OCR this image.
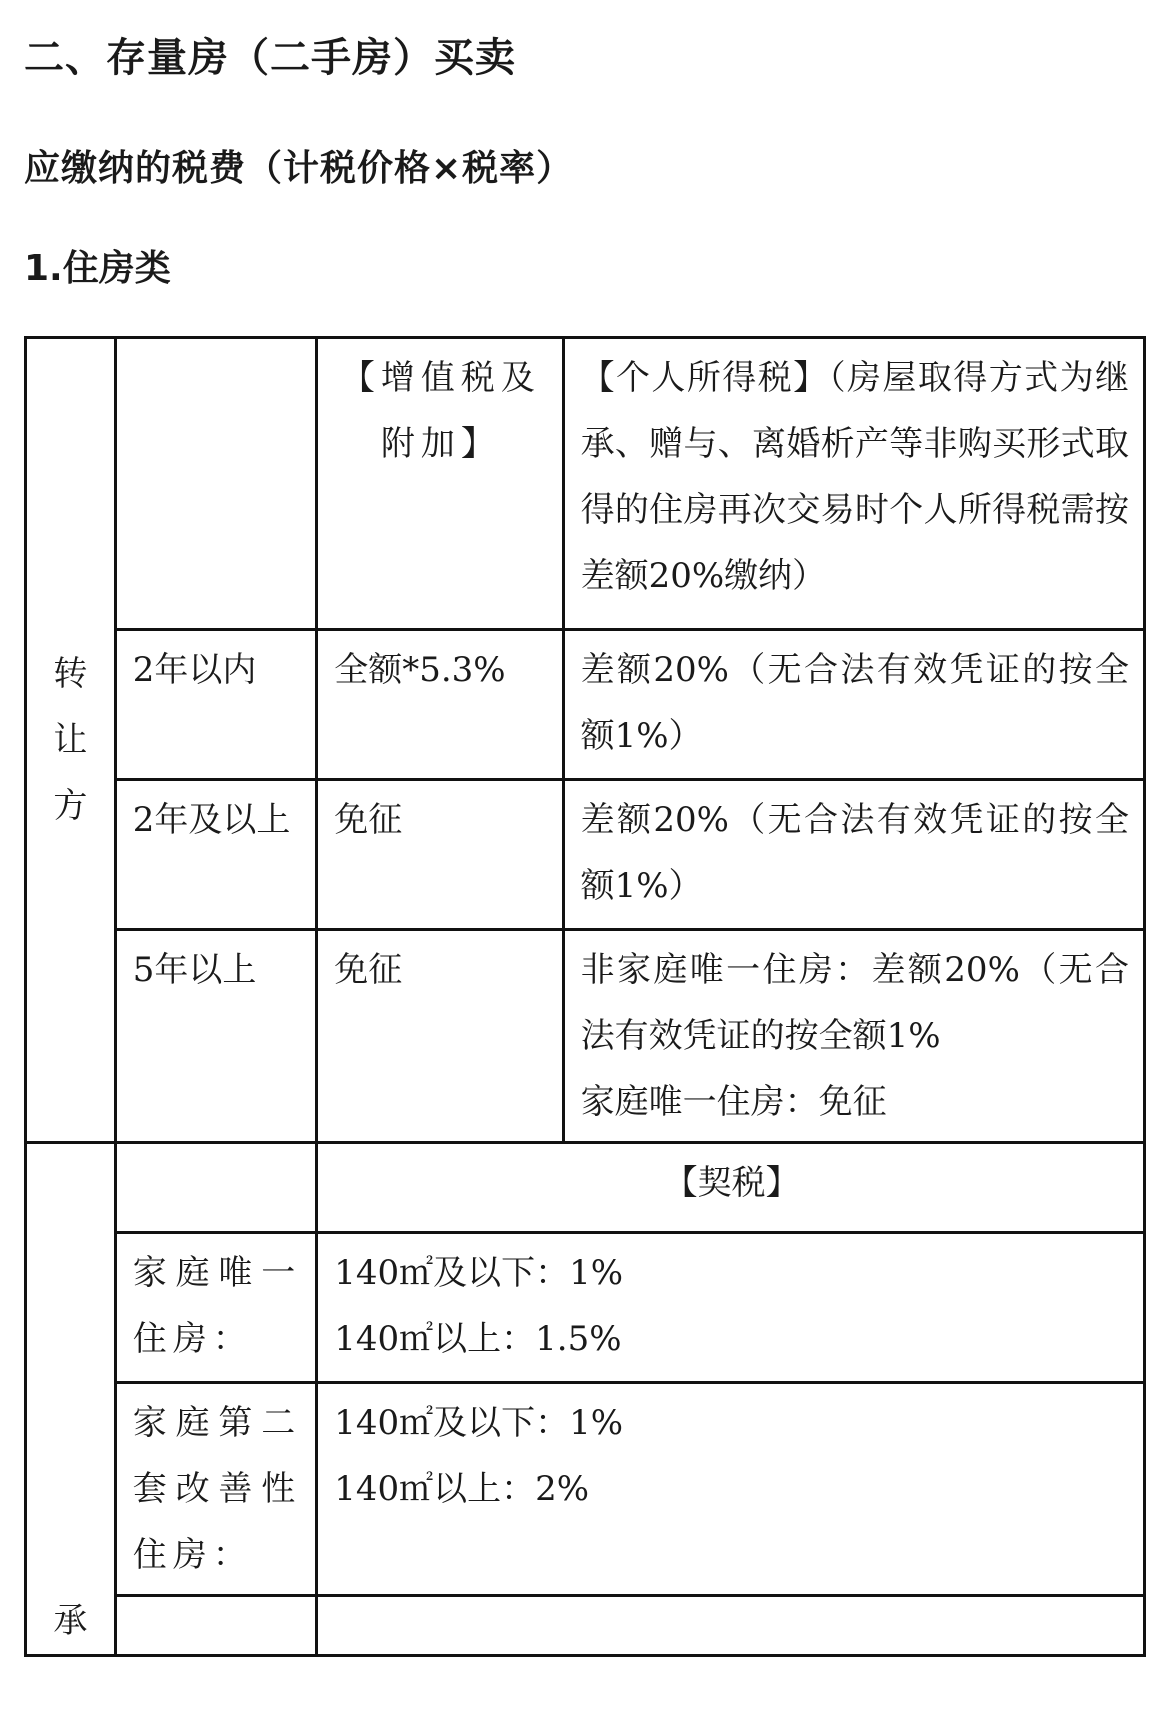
二、存量房（二手房）买卖
应缴纳的税费（计税价格×税率）
1.住房类
转
让
方		【增值税及附加】	【个人所得税】（房屋取得方式为继承、赠与、离婚析产等非购买形式取得的住房再次交易时个人所得税需按差额20%缴纳）
	2年以内	全额*5.3%	差额20%（无合法有效凭证的按全额1%）

	2年及以上	免征	差额20%（无合法有效凭证的按全额1%）

	5年以上	免征	非家庭唯一住房：差额20%（无合法有效凭证的按全额1%
家庭唯一住房：免征

承		【契税】	
	家庭唯一住房：	140㎡及以下：1%
140㎡以上：1.5%	

	家庭第二套改善性住房：	140㎡及以下：1%
140㎡以上：2%	
